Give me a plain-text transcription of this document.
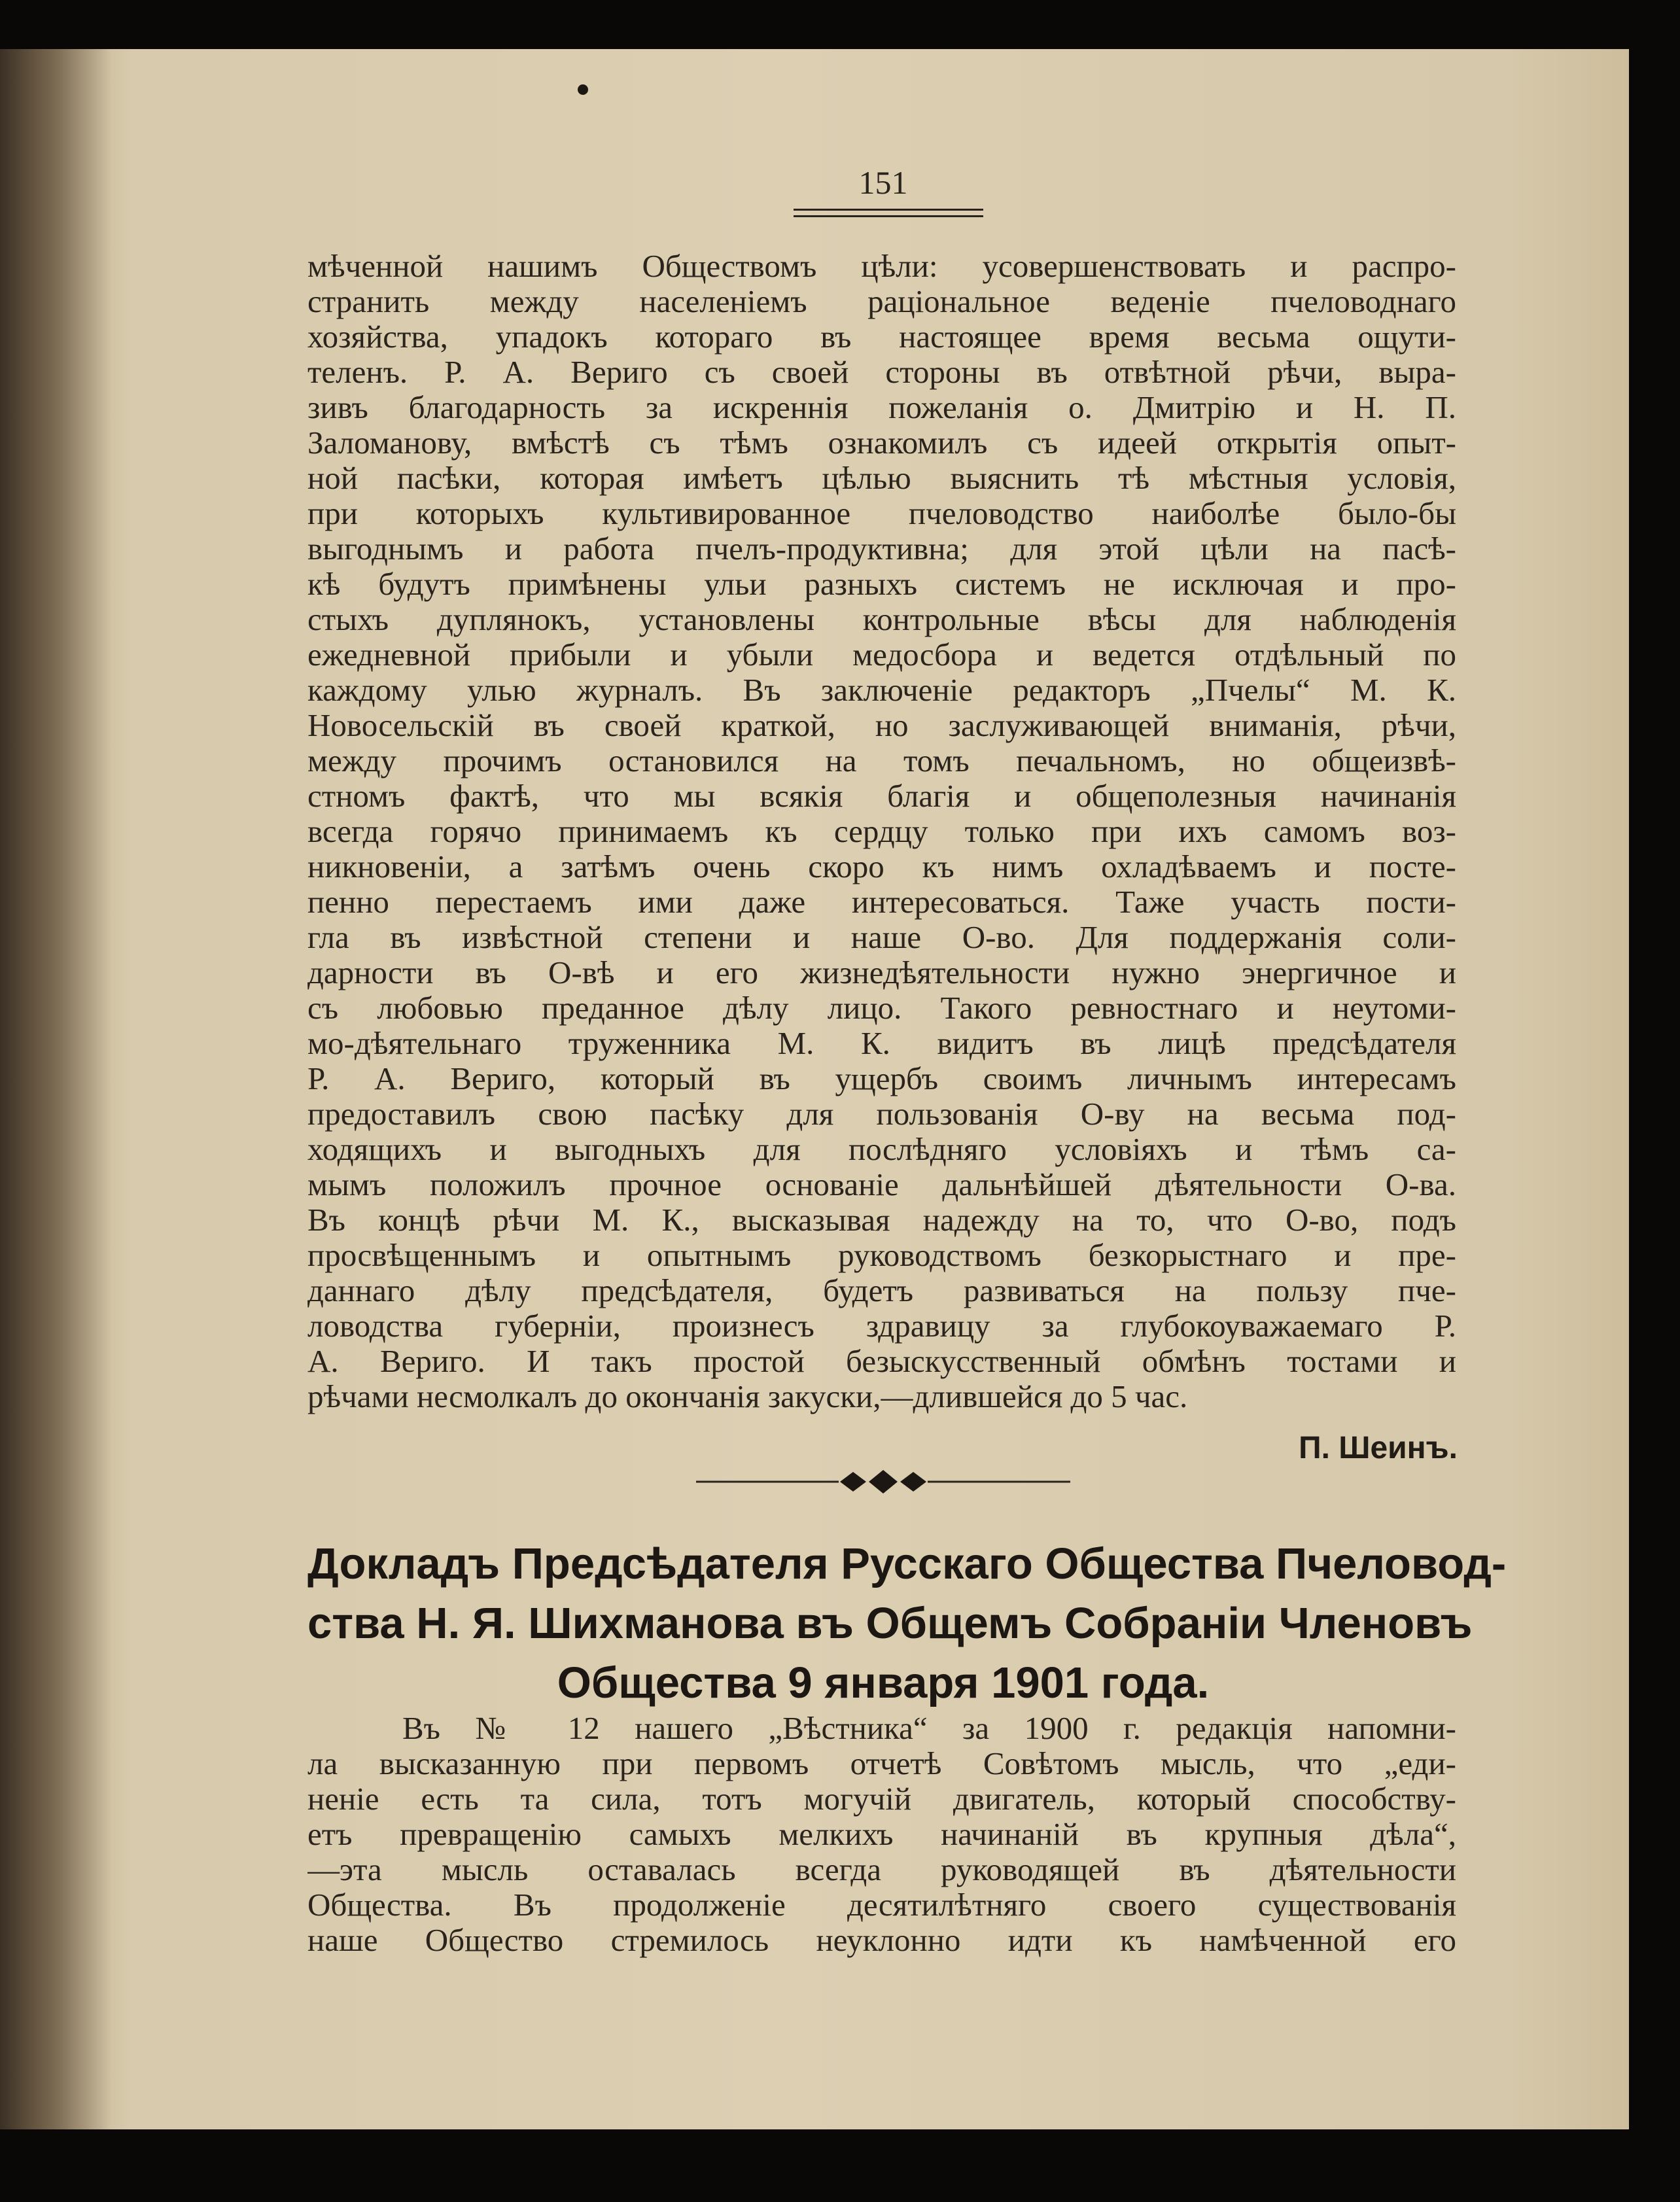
151
мѣченной нашимъ Обществомъ цѣли: усовершенствовать и распро-
странить между населеніемъ раціональное веденіе пчеловоднаго
хозяйства, упадокъ котораго въ настоящее время весьма ощути-
теленъ. Р. А. Вериго съ своей стороны въ отвѣтной рѣчи, выра-
зивъ благодарность за искреннія пожеланія о. Дмитрію и Н. П.
Заломанову, вмѣстѣ съ тѣмъ ознакомилъ съ идеей открытія опыт-
ной пасѣки, которая имѣетъ цѣлью выяснить тѣ мѣстныя условія,
при которыхъ культивированное пчеловодство наиболѣе было-бы
выгоднымъ и работа пчелъ-продуктивна; для этой цѣли на пасѣ-
кѣ будутъ примѣнены ульи разныхъ системъ не исключая и про-
стыхъ дуплянокъ, установлены контрольные вѣсы для наблюденія
ежедневной прибыли и убыли медосбора и ведется отдѣльный по
каждому улью журналъ. Въ заключеніе редакторъ „Пчелы“ М. К.
Новосельскій въ своей краткой, но заслуживающей вниманія, рѣчи,
между прочимъ остановился на томъ печальномъ, но общеизвѣ-
стномъ фактѣ, что мы всякія благія и общеполезныя начинанія
всегда горячо принимаемъ къ сердцу только при ихъ самомъ воз-
никновеніи, а затѣмъ очень скоро къ нимъ охладѣваемъ и посте-
пенно перестаемъ ими даже интересоваться. Таже участь пости-
гла въ извѣстной степени и наше О-во. Для поддержанія соли-
дарности въ О-вѣ и его жизнедѣятельности нужно энергичное и
съ любовью преданное дѣлу лицо. Такого ревностнаго и неутоми-
мо-дѣятельнаго труженника М. К. видитъ въ лицѣ предсѣдателя
Р. А. Вериго, который въ ущербъ своимъ личнымъ интересамъ
предоставилъ свою пасѣку для пользованія О-ву на весьма под-
ходящихъ и выгодныхъ для послѣдняго условіяхъ и тѣмъ са-
мымъ положилъ прочное основаніе дальнѣйшей дѣятельности О-ва.
Въ концѣ рѣчи М. К., высказывая надежду на то, что О-во, подъ
просвѣщеннымъ и опытнымъ руководствомъ безкорыстнаго и пре-
даннаго дѣлу предсѣдателя, будетъ развиваться на пользу пче-
ловодства губерніи, произнесъ здравицу за глубокоуважаемаго Р.
А. Вериго. И такъ простой безыскусственный обмѣнъ тостами и
рѣчами несмолкалъ до окончанія закуски,—длившейся до 5 час.
П. Шеинъ.
Докладъ Предсѣдателя Русскаго Общества Пчеловод-
ства Н. Я. Шихманова въ Общемъ Собраніи Членовъ
Общества 9 января 1901 года.
Въ № 12 нашего „Вѣстника“ за 1900 г. редакція напомни-
ла высказанную при первомъ отчетѣ Совѣтомъ мысль, что „еди-
неніе есть та сила, тотъ могучій двигатель, который способству-
етъ превращенію самыхъ мелкихъ начинаній въ крупныя дѣла“,
—эта мысль оставалась всегда руководящей въ дѣятельности
Общества. Въ продолженіе десятилѣтняго своего существованія
наше Общество стремилось неуклонно идти къ намѣченной его
